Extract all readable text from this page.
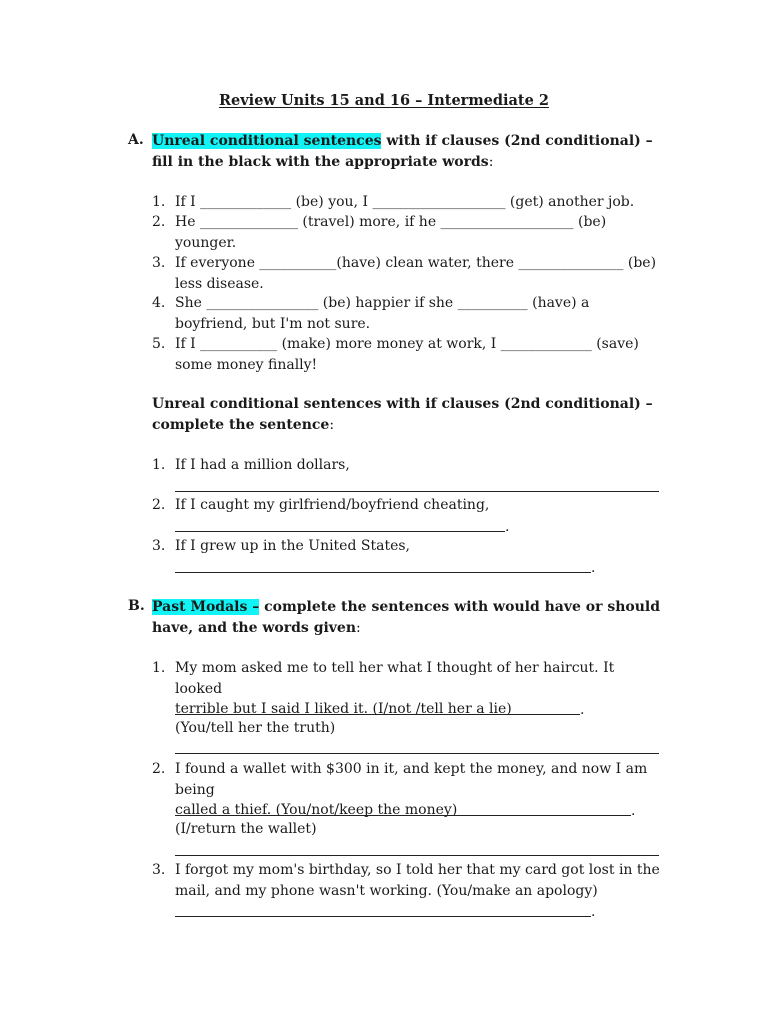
Review Units 15 and 16 – Intermediate 2
A. Unreal conditional sentences with if clauses (2nd conditional) –
fill in the black with the appropriate words:
1. If I _____________ (be) you, I ___________________ (get) another job.
2. He ______________ (travel) more, if he ___________________ (be)
younger.
3. If everyone ___________(have) clean water, there _______________ (be)
less disease.
4. She ________________ (be) happier if she __________ (have) a
boyfriend, but I'm not sure.
5. If I ___________ (make) more money at work, I _____________ (save)
some money finally!
Unreal conditional sentences with if clauses (2nd conditional) –
complete the sentence:
1. If I had a million dollars,
2. If I caught my girlfriend/boyfriend cheating,
.
3. If I grew up in the United States,
.
B. Past Modals – complete the sentences with would have or should
have, and the words given:
1. My mom asked me to tell her what I thought of her haircut. It looked
terrible but I said I liked it. (I/not /tell her a lie)	.
(You/tell her the truth)
2. I found a wallet with $300 in it, and kept the money, and now I am being
called a thief. (You/not/keep the money)	.
(I/return the wallet)
3. I forgot my mom's birthday, so I told her that my card got lost in the
mail, and my phone wasn't working. (You/make an apology)
.
